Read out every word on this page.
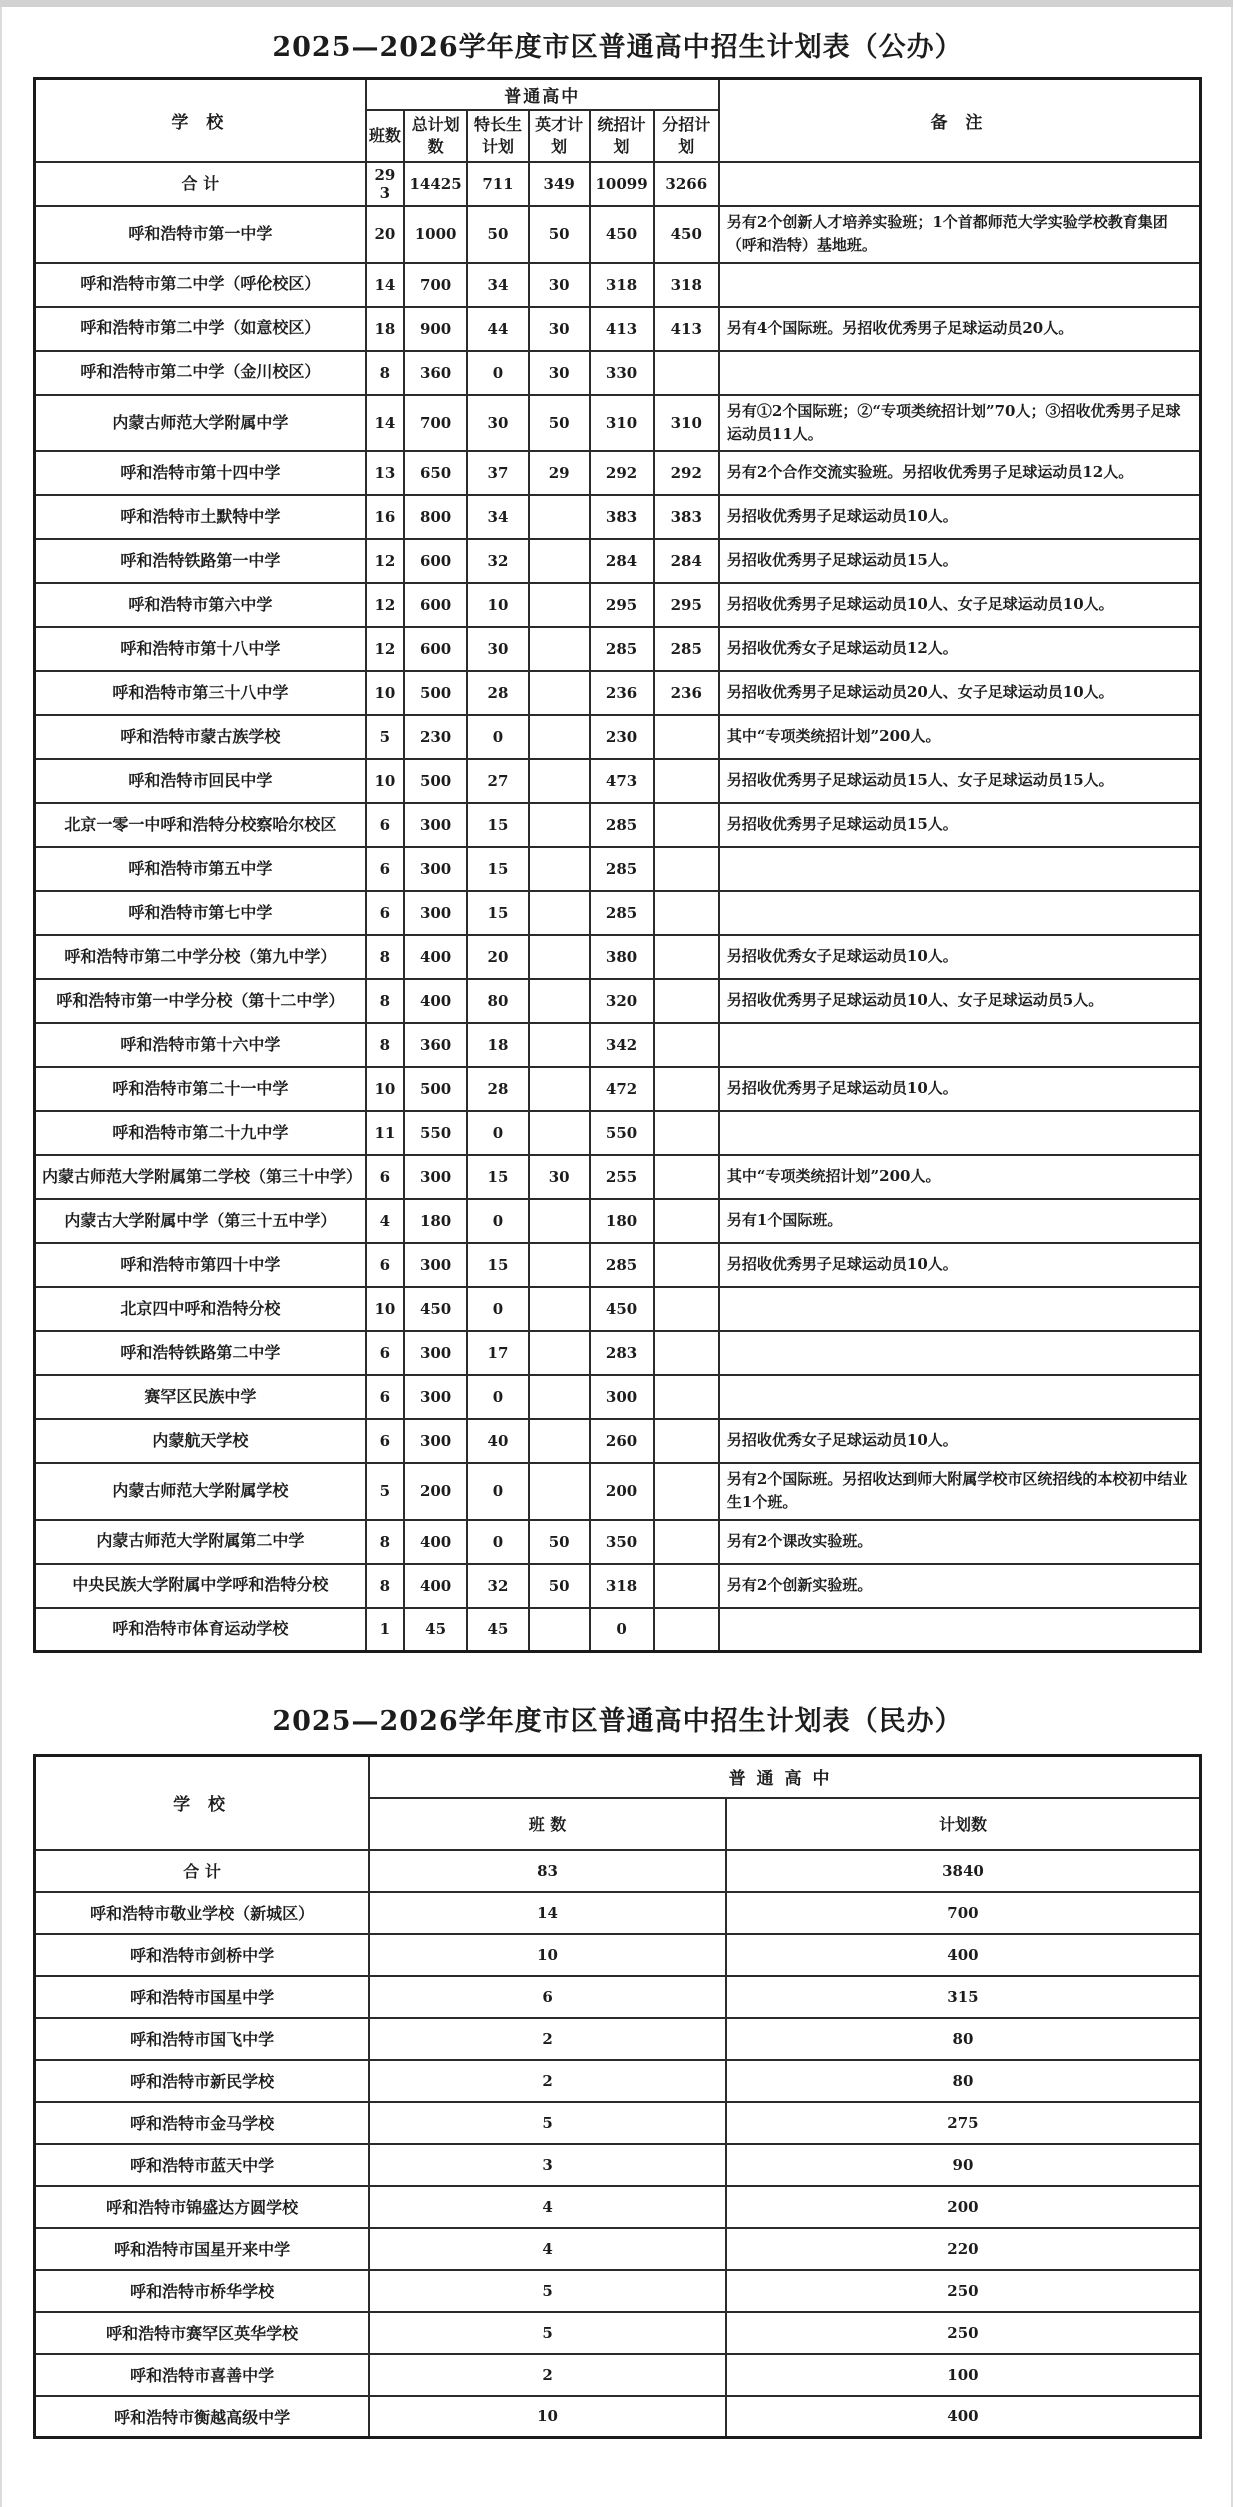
2025—2026学年度市区普通高中招生计划表（公办）
学 校	普通高中						备 注
	班数	总计划数	特长生计划	英才计划	统招计划	分招计划	
合 计	293	14425	711	349	10099	3266	
呼和浩特市第一中学	20	1000	50	50	450	450	另有2个创新人才培养实验班；1个首都师范大学实验学校教育集团（呼和浩特）基地班。
呼和浩特市第二中学（呼伦校区）	14	700	34	30	318	318	
呼和浩特市第二中学（如意校区）	18	900	44	30	413	413	另有4个国际班。另招收优秀男子足球运动员20人。
呼和浩特市第二中学（金川校区）	8	360	0	30	330		
内蒙古师范大学附属中学	14	700	30	50	310	310	另有①2个国际班；②“专项类统招计划”70人；③招收优秀男子足球运动员11人。
呼和浩特市第十四中学	13	650	37	29	292	292	另有2个合作交流实验班。另招收优秀男子足球运动员12人。
呼和浩特市土默特中学	16	800	34		383	383	另招收优秀男子足球运动员10人。
呼和浩特铁路第一中学	12	600	32		284	284	另招收优秀男子足球运动员15人。
呼和浩特市第六中学	12	600	10		295	295	另招收优秀男子足球运动员10人、女子足球运动员10人。
呼和浩特市第十八中学	12	600	30		285	285	另招收优秀女子足球运动员12人。
呼和浩特市第三十八中学	10	500	28		236	236	另招收优秀男子足球运动员20人、女子足球运动员10人。
呼和浩特市蒙古族学校	5	230	0		230		其中“专项类统招计划”200人。
呼和浩特市回民中学	10	500	27		473		另招收优秀男子足球运动员15人、女子足球运动员15人。
北京一零一中呼和浩特分校察哈尔校区	6	300	15		285		另招收优秀男子足球运动员15人。
呼和浩特市第五中学	6	300	15		285		
呼和浩特市第七中学	6	300	15		285		
呼和浩特市第二中学分校（第九中学）	8	400	20		380		另招收优秀女子足球运动员10人。
呼和浩特市第一中学分校（第十二中学）	8	400	80		320		另招收优秀男子足球运动员10人、女子足球运动员5人。
呼和浩特市第十六中学	8	360	18		342		
呼和浩特市第二十一中学	10	500	28		472		另招收优秀男子足球运动员10人。
呼和浩特市第二十九中学	11	550	0		550		
内蒙古师范大学附属第二学校（第三十中学）	6	300	15	30	255		其中“专项类统招计划”200人。
内蒙古大学附属中学（第三十五中学）	4	180	0		180		另有1个国际班。
呼和浩特市第四十中学	6	300	15		285		另招收优秀男子足球运动员10人。
北京四中呼和浩特分校	10	450	0		450		
呼和浩特铁路第二中学	6	300	17		283		
赛罕区民族中学	6	300	0		300		
内蒙航天学校	6	300	40		260		另招收优秀女子足球运动员10人。
内蒙古师范大学附属学校	5	200	0		200		另有2个国际班。另招收达到师大附属学校市区统招线的本校初中结业生1个班。
内蒙古师范大学附属第二中学	8	400	0	50	350		另有2个课改实验班。
中央民族大学附属中学呼和浩特分校	8	400	32	50	318		另有2个创新实验班。
呼和浩特市体育运动学校	1	45	45		0		
2025—2026学年度市区普通高中招生计划表（民办）
学 校	普通高中	
	班 数	计划数
合 计	83	3840
呼和浩特市敬业学校（新城区）	14	700
呼和浩特市剑桥中学	10	400
呼和浩特市国星中学	6	315
呼和浩特市国飞中学	2	80
呼和浩特市新民学校	2	80
呼和浩特市金马学校	5	275
呼和浩特市蓝天中学	3	90
呼和浩特市锦盛达方圆学校	4	200
呼和浩特市国星开来中学	4	220
呼和浩特市桥华学校	5	250
呼和浩特市赛罕区英华学校	5	250
呼和浩特市喜善中学	2	100
呼和浩特市衡越高级中学	10	400
